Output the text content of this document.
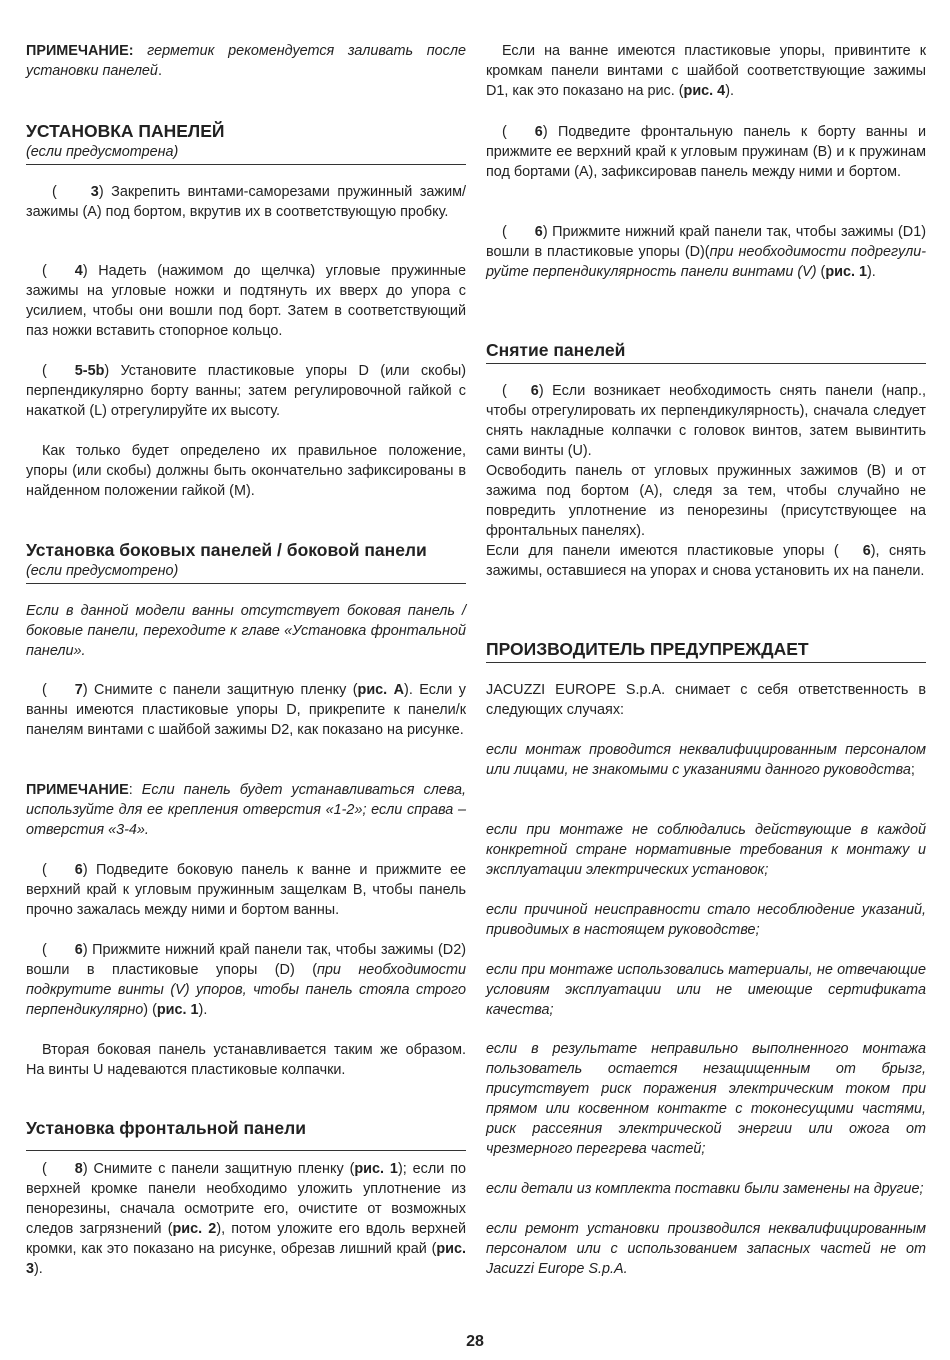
ПРИМЕЧАНИЕ: герметик рекомендуется заливать после установки панелей.

УСТАНОВКА ПАНЕЛЕЙ
(если предусмотрена)

( 3) Закрепить винтами-саморезами пружинный зажим/зажимы (А) под бортом, вкрутив их в соответствующую пробку.

( 4) Надеть (нажимом до щелчка) угловые пружинные зажимы на угловые ножки и подтянуть их вверх до упора с усилием, чтобы они вошли под борт. Затем в соответствующий паз ножки вставить стопорное кольцо.

( 5-5b) Установите пластиковые упоры D (или скобы) перпендикулярно борту ванны; затем регулировочной гайкой с накаткой (L) отрегулируйте их высоту.

Как только будет определено их правильное положение, упоры (или скобы) должны быть окончательно зафиксированы в найденном положении гайкой (М).

Установка боковых панелей / боковой панели
(если предусмотрено)

Если в данной модели ванны отсутствует боковая панель /боковые панели, переходите к главе «Установка фронтальной панели».

( 7) Снимите с панели защитную пленку (рис. А). Если у ванны имеются пластиковые упоры D, прикрепите к панели/к панелям винтами с шайбой зажимы D2, как показано на рисунке.

ПРИМЕЧАНИЕ: Если панель будет устанавливаться слева, используйте для ее крепления отверстия «1-2»; если справа – отверстия «3-4».

( 6) Подведите боковую панель к ванне и прижмите ее верхний край к угловым пружинным защелкам B, чтобы панель прочно зажалась между ними и бортом ванны.

( 6) Прижмите нижний край панели так, чтобы зажимы (D2) вошли в пластиковые упоры (D) (при необходимости подкрутите винты (V) упоров, чтобы панель стояла строго перпендикулярно) (рис. 1).

Вторая боковая панель устанавливается таким же образом. На винты U надеваются пластиковые колпачки.

Установка фронтальной панели

( 8) Снимите с панели защитную пленку (рис. 1); если по верхней кромке панели необходимо уложить уплотнение из пенорезины, сначала осмотрите его, очистите от возможных следов загрязнений (рис. 2), потом уложите его вдоль верхней кромки, как это показано на рисунке, обрезав лишний край (рис. 3).

Если на ванне имеются пластиковые упоры, привинтите к кромкам панели винтами с шайбой соответствующие зажимы D1, как это показано на рис. (рис. 4).

( 6) Подведите фронтальную панель к борту ванны и прижмите ее верхний край к угловым пружинам (B) и к пружинам под бортами (A), зафиксировав панель между ними и бортом.

( 6) Прижмите нижний край панели так, чтобы зажимы (D1) вошли в пластиковые упоры (D)(при необходимости подрегули-руйте перпендикулярность панели винтами (V) (рис. 1).

Снятие панелей

( 6) Если возникает необходимость снять панели (напр., чтобы отрегулировать их перпендикулярность), сначала следует снять накладные колпачки с головок винтов, затем вывинтить сами винты (U).

Освободить панель от угловых пружинных зажимов (B) и от зажима под бортом (A), следя за тем, чтобы случайно не повредить уплотнение из пенорезины (присутствующее на фронтальных панелях).

Если для панели имеются пластиковые упоры ( 6), снять зажимы, оставшиеся на упорах и снова установить их на панели.

ПРОИЗВОДИТЕЛЬ ПРЕДУПРЕЖДАЕТ

JACUZZI EUROPE S.p.A. снимает с себя ответственность в следующих случаях:

если монтаж проводится неквалифицированным персоналом или лицами, не знакомыми с указаниями данного руководства;

если при монтаже не соблюдались действующие в каждой конкретной стране нормативные требования к монтажу и эксплуатации электрических установок;

если причиной неисправности стало несоблюдение указаний, приводимых в настоящем руководстве;

если при монтаже использовались материалы, не отвечающие условиям эксплуатации или не имеющие сертификата качества;

если в результате неправильно выполненного монтажа пользователь остается незащищенным от брызг, присутствует риск поражения электрическим током при прямом или косвенном контакте с токонесущими частями, риск рассеяния электрической энергии или ожога от чрезмерного перегрева частей;

если детали из комплекта поставки были заменены на другие;

если ремонт установки производился неквалифицированным персоналом или с использованием запасных частей не от Jacuzzi Europe S.p.A.

28
